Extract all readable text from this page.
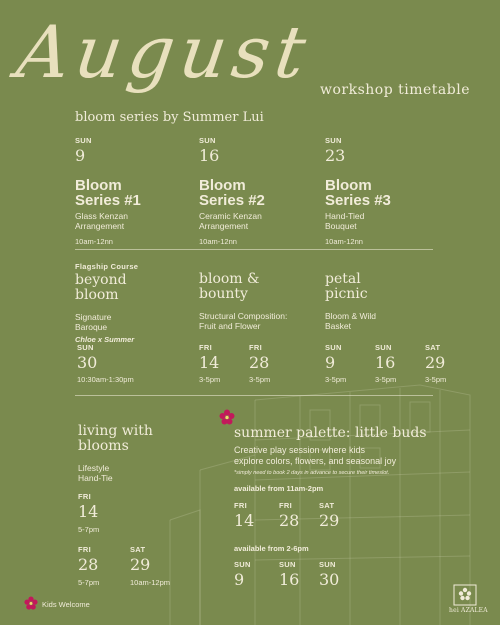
August workshop timetable
bloom series by Summer Lui
SUN
9
Bloom
Series #1
Glass Kenzan
Arrangement
10am-12nn
SUN
16
Bloom
Series #2
Ceramic Kenzan
Arrangement
10am-12nn
SUN
23
Bloom
Series #3
Hand-Tied
Bouquet
10am-12nn
Flagship Course
beyond
bloom
Signature
Baroque
Chloe x Summer
SUN
30
10:30am-1:30pm
bloom &
bounty
Structural Composition:
Fruit and Flower
FRI
14
3-5pm
FRI
28
3-5pm
petal
picnic
Bloom & Wild
Basket
SUN
9
3-5pm
SUN
16
3-5pm
SAT
29
3-5pm
living with
blooms
Lifestyle
Hand-Tie
FRI
14
5-7pm
FRI
28
5-7pm
SAT
29
10am-12pm
summer palette: little buds
Creative play session where kids
explore colors, flowers, and seasonal joy
*simply need to book 2 days in advance to secure their timeslot.
available from 11am-2pm
FRI
14
FRI
28
SAT
29
available from 2-6pm
SUN
9
SUN
16
SUN
30
Kids Welcome
hei AZALEA
